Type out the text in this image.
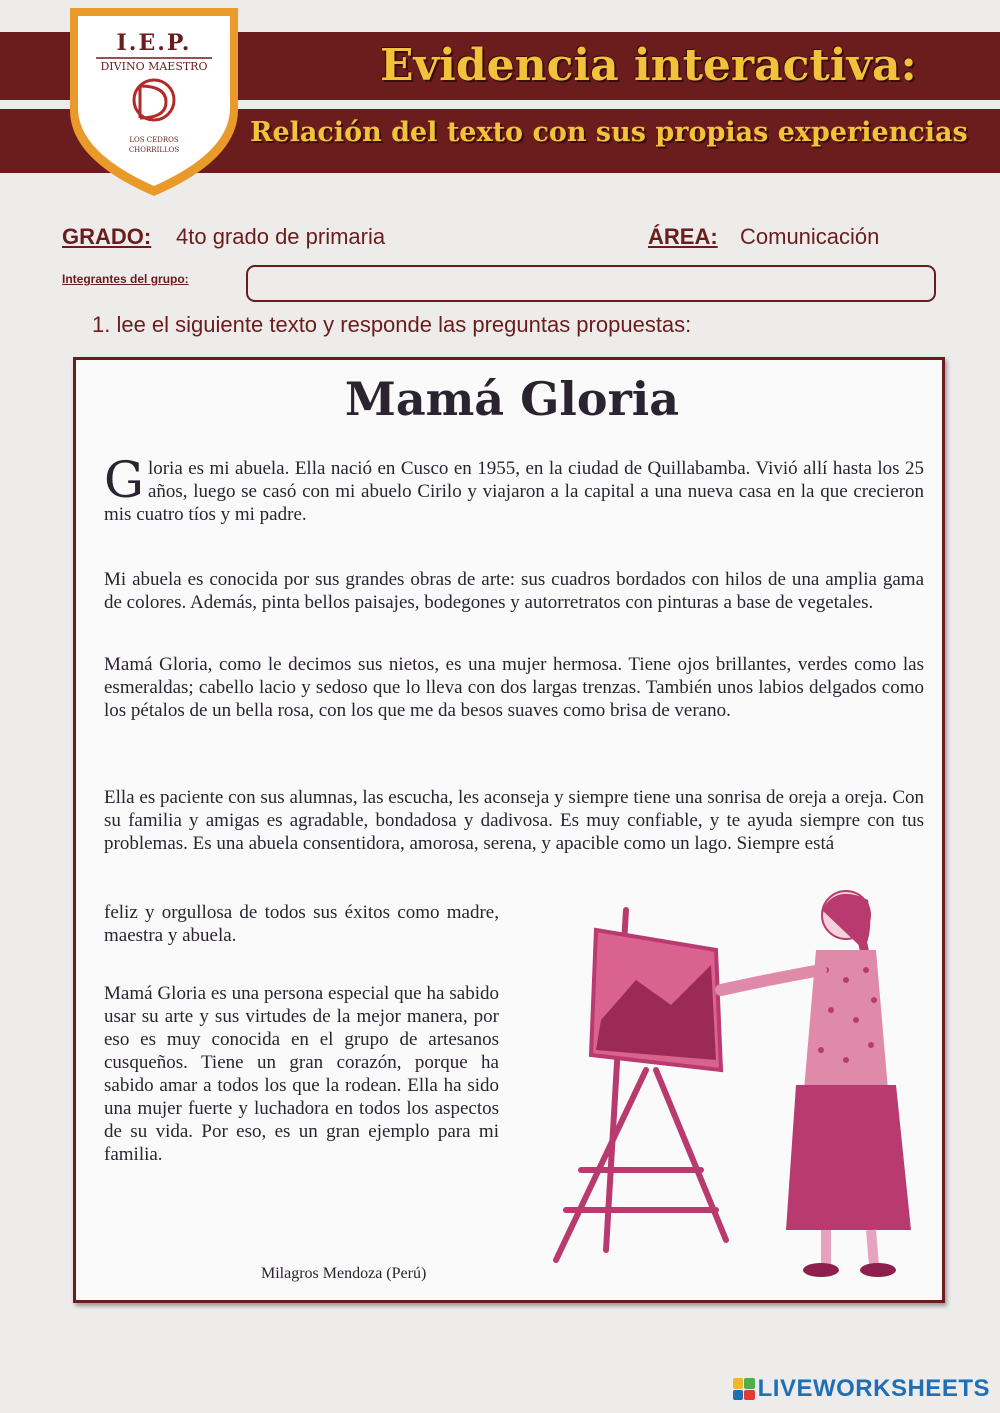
Evidencia interactiva:
Relación del texto con sus propias experiencias
I.E.P.
DIVINO MAESTRO
LOS CEDROS
CHORRILLOS
GRADO: 4to grado de primaria	ÁREA: Comunicación
Integrantes del grupo:
1. lee el siguiente texto y responde las preguntas propuestas:
Mamá Gloria

Gloria es mi abuela. Ella nació en Cusco en 1955, en la ciudad de Quillabamba. Vivió allí hasta los 25 años, luego se casó con mi abuelo Cirilo y viajaron a la capital a una nueva casa en la que crecieron mis cuatro tíos y mi padre.

Mi abuela es conocida por sus grandes obras de arte: sus cuadros bordados con hilos de una amplia gama de colores. Además, pinta bellos paisajes, bodegones y autorretratos con pinturas a base de vegetales.

Mamá Gloria, como le decimos sus nietos, es una mujer hermosa. Tiene ojos brillantes, verdes como las esmeraldas; cabello lacio y sedoso que lo lleva con dos largas trenzas. También unos labios delgados como los pétalos de un bella rosa, con los que me da besos suaves como brisa de verano.

Ella es paciente con sus alumnas, las escucha, les aconseja y siempre tiene una sonrisa de oreja a oreja. Con su familia y amigas es agradable, bondadosa y dadivosa. Es muy confiable, y te ayuda siempre con tus problemas. Es una abuela consentidora, amorosa, serena, y apacible como un lago. Siempre está

feliz y orgullosa de todos sus éxitos como madre, maestra y abuela.

Mamá Gloria es una persona especial que ha sabido usar su arte y sus virtudes de la mejor manera, por eso es muy conocida en el grupo de artesanos cusqueños. Tiene un gran corazón, porque ha sabido amar a todos los que la rodean. Ella ha sido una mujer fuerte y luchadora en todos los aspectos de su vida. Por eso, es un gran ejemplo para mi familia.

Milagros Mendoza (Perú)
LIVEWORKSHEETS
